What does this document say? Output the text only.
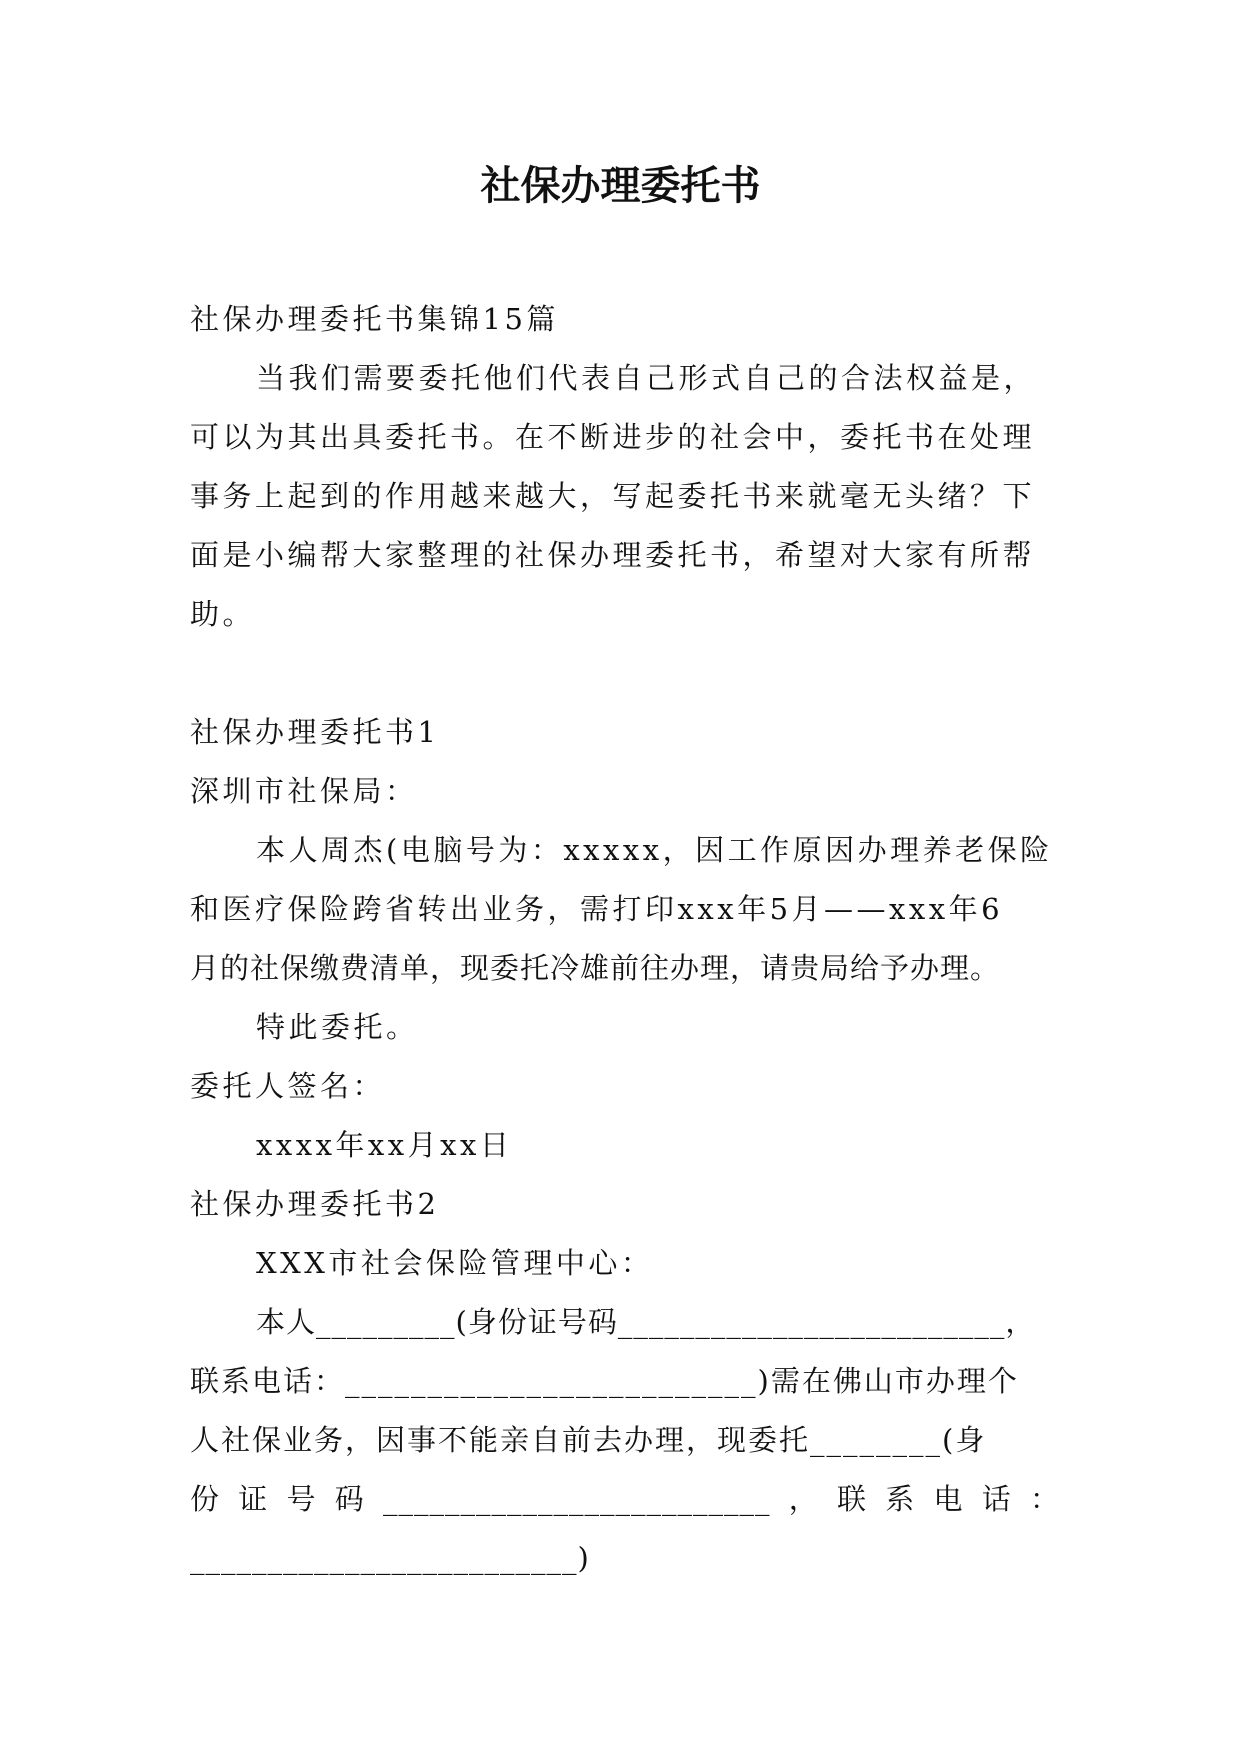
社保办理委托书
社保办理委托书集锦15篇
当我们需要委托他们代表自己形式自己的合法权益是，
可以为其出具委托书。在不断进步的社会中，委托书在处理
事务上起到的作用越来越大，写起委托书来就毫无头绪？下
面是小编帮大家整理的社保办理委托书，希望对大家有所帮
助。
社保办理委托书1
深圳市社保局：
本人周杰(电脑号为：xxxxx，因工作原因办理养老保险
和医疗保险跨省转出业务，需打印xxx年5月——xxx年6
月的社保缴费清单，现委托冷雄前往办理，请贵局给予办理。
特此委托。
委托人签名：
xxxx年xx月xx日
社保办理委托书2
XXX市社会保险管理中心：
本人_________(身份证号码_________________________，
联系电话：_________________________)需在佛山市办理个
人社保业务，因事不能亲自前去办理，现委托________(身
份证号码_________________________，联系电话：
_________________________)
